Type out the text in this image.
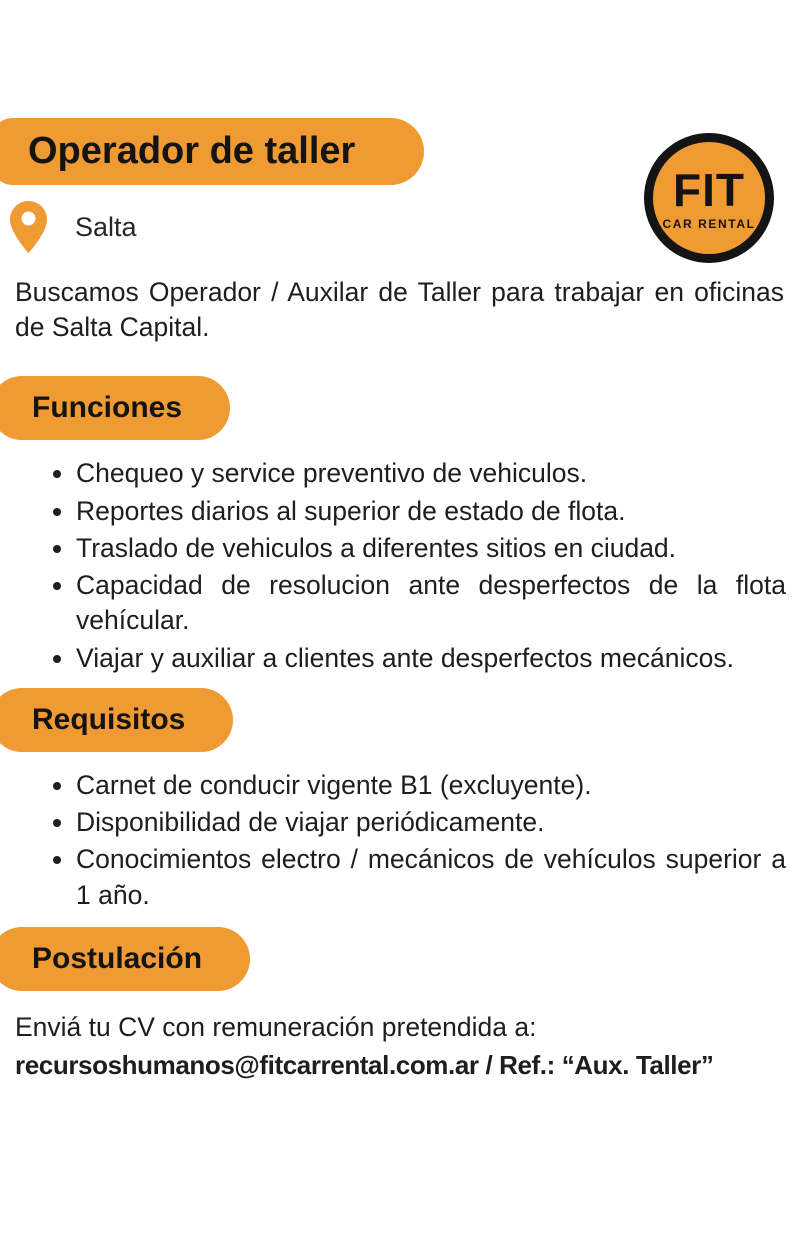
FIT ®
CAR RENTAL
Operador de taller
Salta

Buscamos Operador / Auxilar de Taller para trabajar en oficinas de Salta Capital.

Funciones
• Chequeo y service preventivo de vehiculos.
• Reportes diarios al superior de estado de flota.
• Traslado de vehiculos a diferentes sitios en ciudad.
• Capacidad de resolucion ante desperfectos de la flota vehícular.
• Viajar y auxiliar a clientes ante desperfectos mecánicos.
Requisitos
• Carnet de conducir vigente B1 (excluyente).
• Disponibilidad de viajar periódicamente.
• Conocimientos electro / mecánicos de vehículos superior a 1 año.
Postulación

Enviá tu CV con remuneración pretendida a:

recursoshumanos@fitcarrental.com.ar / Ref.: “Aux. Taller”
